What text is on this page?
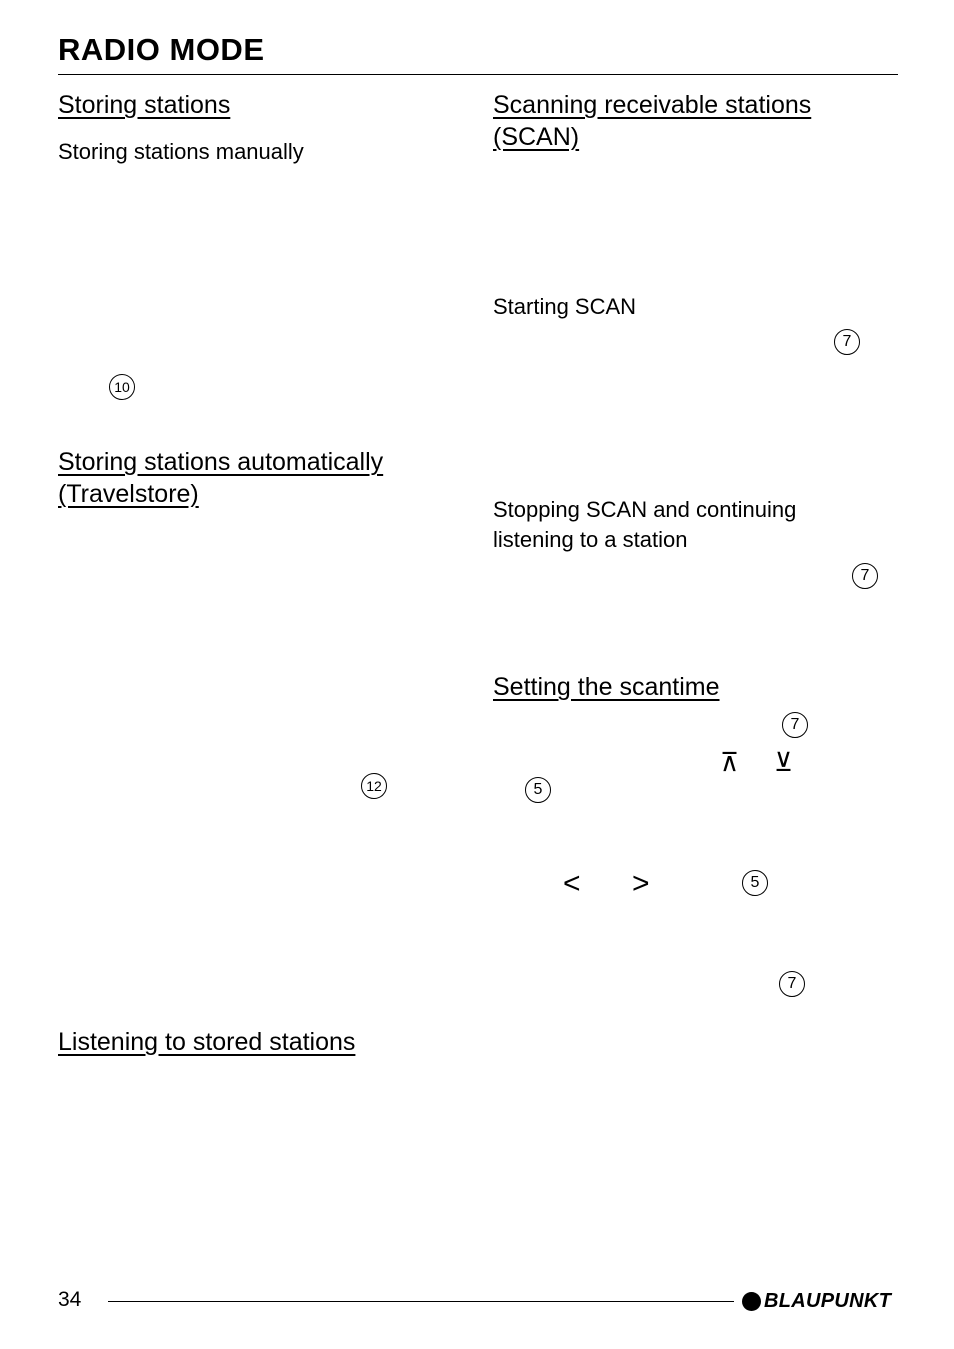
RADIO MODE
Storing stations
Storing stations manually
10
Storing stations automatically
(Travelstore)
12
Listening to stored stations
Scanning receivable stations
(SCAN)
Starting SCAN
7
Stopping SCAN and continuing
listening to a station
7
Setting the scantime
7
⊼ ⊻
5
< >	5
7
34	BLAUPUNKT
